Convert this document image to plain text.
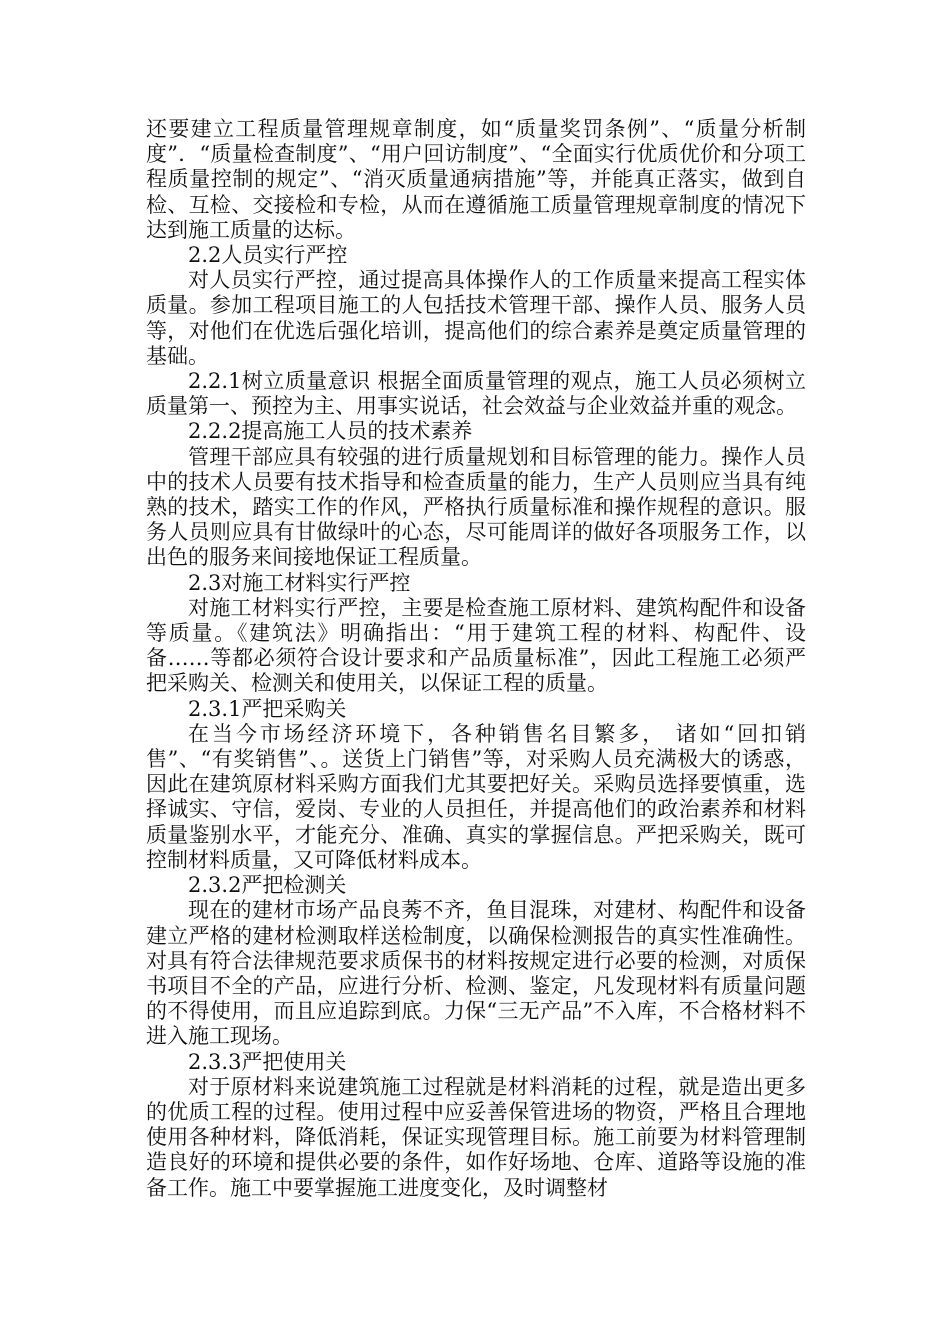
还要建立工程质量管理规章制度，如“质量奖罚条例”、“质量分析制度”．“质量检查制度”、“用户回访制度”、“全面实行优质优价和分项工程质量控制的规定”、“消灭质量通病措施”等，并能真正落实，做到自检、互检、交接检和专检，从而在遵循施工质量管理规章制度的情况下达到施工质量的达标。

2.2人员实行严控

对人员实行严控，通过提高具体操作人的工作质量来提高工程实体质量。参加工程项目施工的人包括技术管理干部、操作人员、服务人员等，对他们在优选后强化培训，提高他们的综合素养是奠定质量管理的基础。

2.2.1树立质量意识 根据全面质量管理的观点，施工人员必须树立质量第一、预控为主、用事实说话，社会效益与企业效益并重的观念。

2.2.2提高施工人员的技术素养

管理干部应具有较强的进行质量规划和目标管理的能力。操作人员中的技术人员要有技术指导和检查质量的能力，生产人员则应当具有纯熟的技术，踏实工作的作风，严格执行质量标准和操作规程的意识。服务人员则应具有甘做绿叶的心态，尽可能周详的做好各项服务工作，以出色的服务来间接地保证工程质量。

2.3对施工材料实行严控

对施工材料实行严控，主要是检查施工原材料、建筑构配件和设备等质量。《建筑法》明确指出：“用于建筑工程的材料、构配件、设备……等都必须符合设计要求和产品质量标准”，因此工程施工必须严把采购关、检测关和使用关，以保证工程的质量。

2.3.1严把采购关

在当今市场经济环境下，各种销售名目繁多， 诸如“回扣销售”、“有奖销售”、。送货上门销售”等，对采购人员充满极大的诱惑，因此在建筑原材料采购方面我们尤其要把好关。采购员选择要慎重，选择诚实、守信，爱岗、专业的人员担任，并提高他们的政治素养和材料质量鉴别水平，才能充分、准确、真实的掌握信息。严把采购关，既可控制材料质量，又可降低材料成本。

2.3.2严把检测关

现在的建材市场产品良莠不齐，鱼目混珠，对建材、构配件和设备建立严格的建材检测取样送检制度，以确保检测报告的真实性准确性。对具有符合法律规范要求质保书的材料按规定进行必要的检测，对质保书项目不全的产品，应进行分析、检测、鉴定，凡发现材料有质量问题的不得使用，而且应追踪到底。力保“三无产品”不入库，不合格材料不进入施工现场。

2.3.3严把使用关

对于原材料来说建筑施工过程就是材料消耗的过程，就是造出更多的优质工程的过程。使用过程中应妥善保管进场的物资，严格且合理地使用各种材料，降低消耗，保证实现管理目标。施工前要为材料管理制造良好的环境和提供必要的条件，如作好场地、仓库、道路等设施的准备工作。施工中要掌握施工进度变化，及时调整材
